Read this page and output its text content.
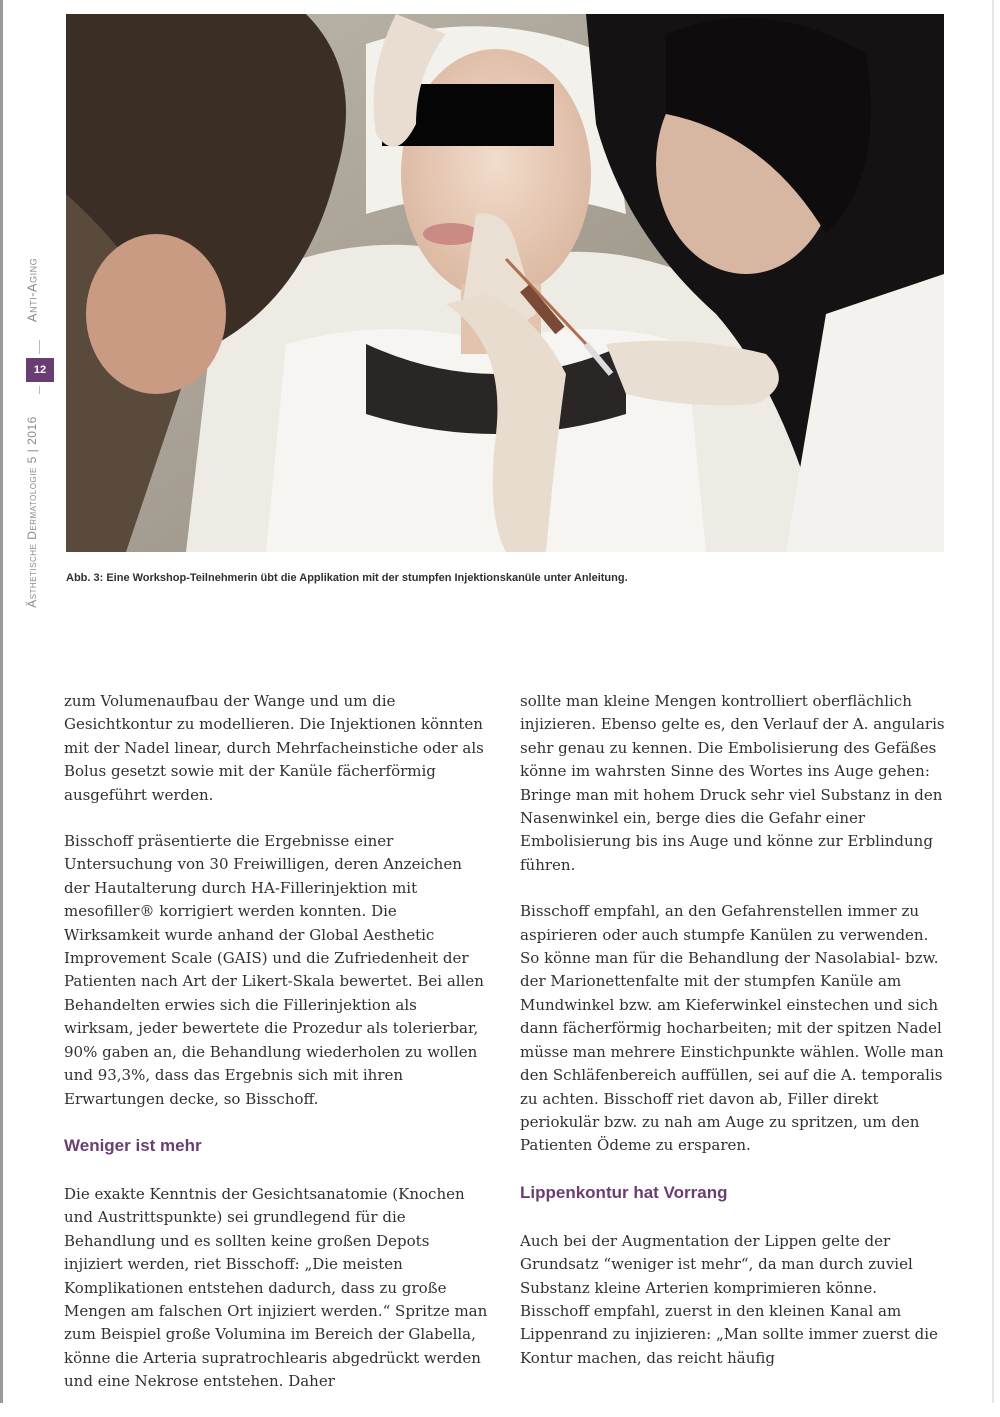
Anti-Aging
12
Ästhetische Dermatologie 5 | 2016 Abb. 3: Eine Workshop-Teilnehmerin übt die Applikation mit der stumpfen Injektionskanüle unter Anleitung.

zum Volumenaufbau der Wange und um die Gesichtkontur zu modellieren. Die Injektionen könnten mit der Nadel linear, durch Mehrfacheinstiche oder als Bolus gesetzt sowie mit der Kanüle fächerförmig ausgeführt werden.

Bisschoff präsentierte die Ergebnisse einer Untersuchung von 30 Freiwilligen, deren Anzeichen der Hautalterung durch HA-Fillerinjektion mit mesofiller® korrigiert werden konnten. Die Wirksamkeit wurde anhand der Global Aesthetic Improvement Scale (GAIS) und die Zufriedenheit der Patienten nach Art der Likert-Skala bewertet. Bei allen Behandelten erwies sich die Fillerinjektion als wirksam, jeder bewertete die Prozedur als tolerierbar, 90% gaben an, die Behandlung wiederholen zu wollen und 93,3%, dass das Ergebnis sich mit ihren Erwartungen decke, so Bisschoff.

Weniger ist mehr

Die exakte Kenntnis der Gesichtsanatomie (Knochen und Austrittspunkte) sei grundlegend für die Behandlung und es sollten keine großen Depots injiziert werden, riet Bisschoff: „Die meisten Komplikationen entstehen dadurch, dass zu große Mengen am falschen Ort injiziert werden.“ Spritze man zum Beispiel große Volumina im Bereich der Glabella, könne die Arteria supratrochlearis abgedrückt werden und eine Nekrose entstehen. Daher

sollte man kleine Mengen kontrolliert oberflächlich injizieren. Ebenso gelte es, den Verlauf der A. angularis sehr genau zu kennen. Die Embolisierung des Gefäßes könne im wahrsten Sinne des Wortes ins Auge gehen: Bringe man mit hohem Druck sehr viel Substanz in den Nasenwinkel ein, berge dies die Gefahr einer Embolisierung bis ins Auge und könne zur Erblindung führen.

Bisschoff empfahl, an den Gefahrenstellen immer zu aspirieren oder auch stumpfe Kanülen zu verwenden. So könne man für die Behandlung der Nasolabial- bzw. der Marionettenfalte mit der stumpfen Kanüle am Mundwinkel bzw. am Kieferwinkel einstechen und sich dann fächerförmig hocharbeiten; mit der spitzen Nadel müsse man mehrere Einstichpunkte wählen. Wolle man den Schläfenbereich auffüllen, sei auf die A. temporalis zu achten. Bisschoff riet davon ab, Filler direkt periokulär bzw. zu nah am Auge zu spritzen, um den Patienten Ödeme zu ersparen.

Lippenkontur hat Vorrang

Auch bei der Augmentation der Lippen gelte der Grundsatz “weniger ist mehr“, da man durch zuviel Substanz kleine Arterien komprimieren könne. Bisschoff empfahl, zuerst in den kleinen Kanal am Lippenrand zu injizieren: „Man sollte immer zuerst die Kontur machen, das reicht häufig
